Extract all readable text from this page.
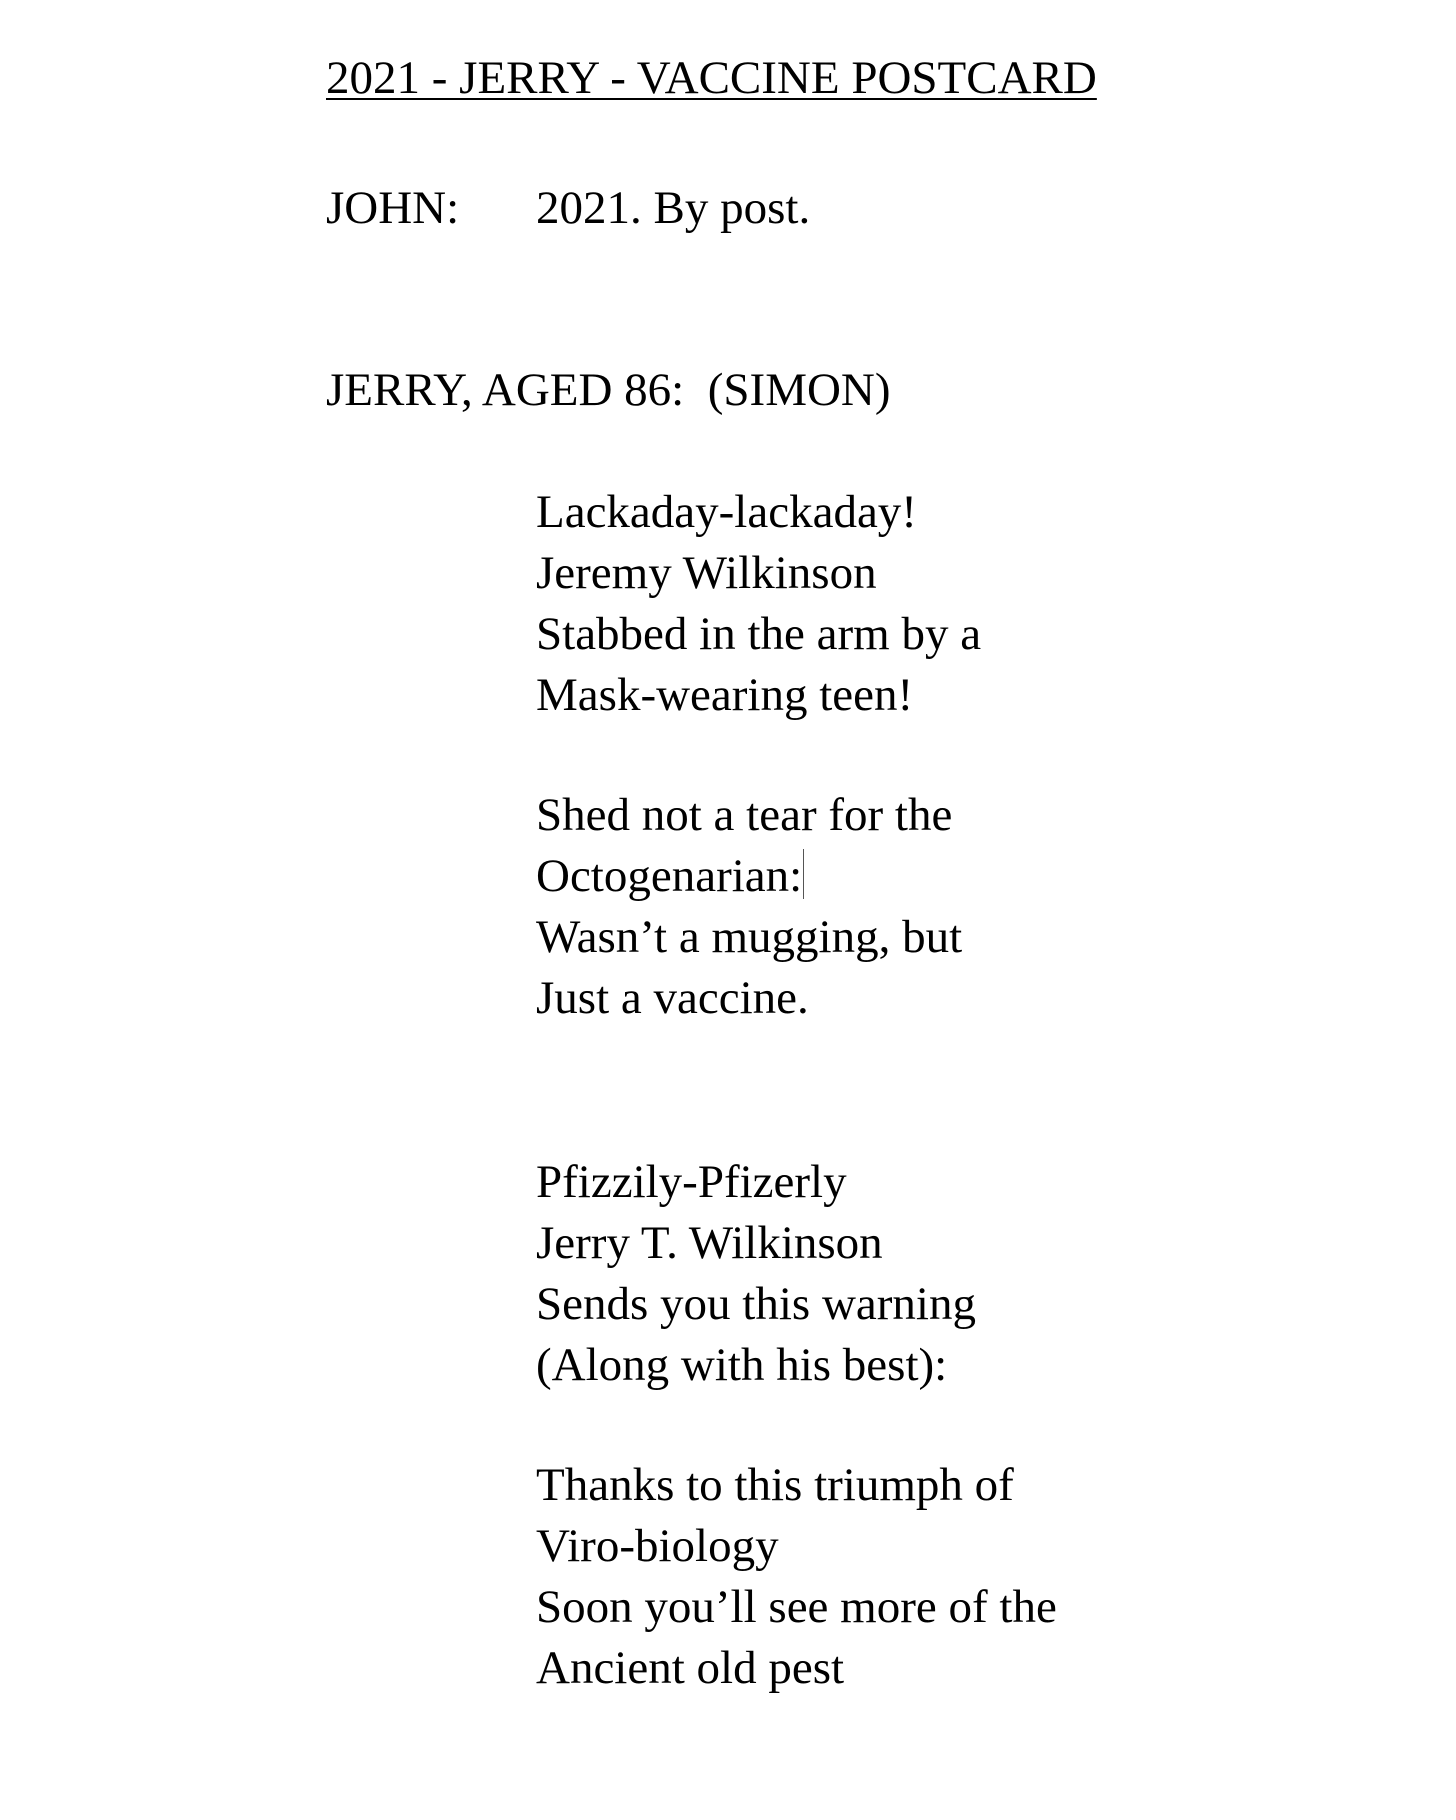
2021 - JERRY - VACCINE POSTCARD
JOHN: 2021. By post.
JERRY, AGED 86: (SIMON)
Lackaday-lackaday!
Jeremy Wilkinson
Stabbed in the arm by a
Mask-wearing teen!
Shed not a tear for the
Octogenarian:
Wasn’t a mugging, but
Just a vaccine.
Pfizzily-Pfizerly
Jerry T. Wilkinson
Sends you this warning
(Along with his best):
Thanks to this triumph of
Viro-biology
Soon you’ll see more of the
Ancient old pest
